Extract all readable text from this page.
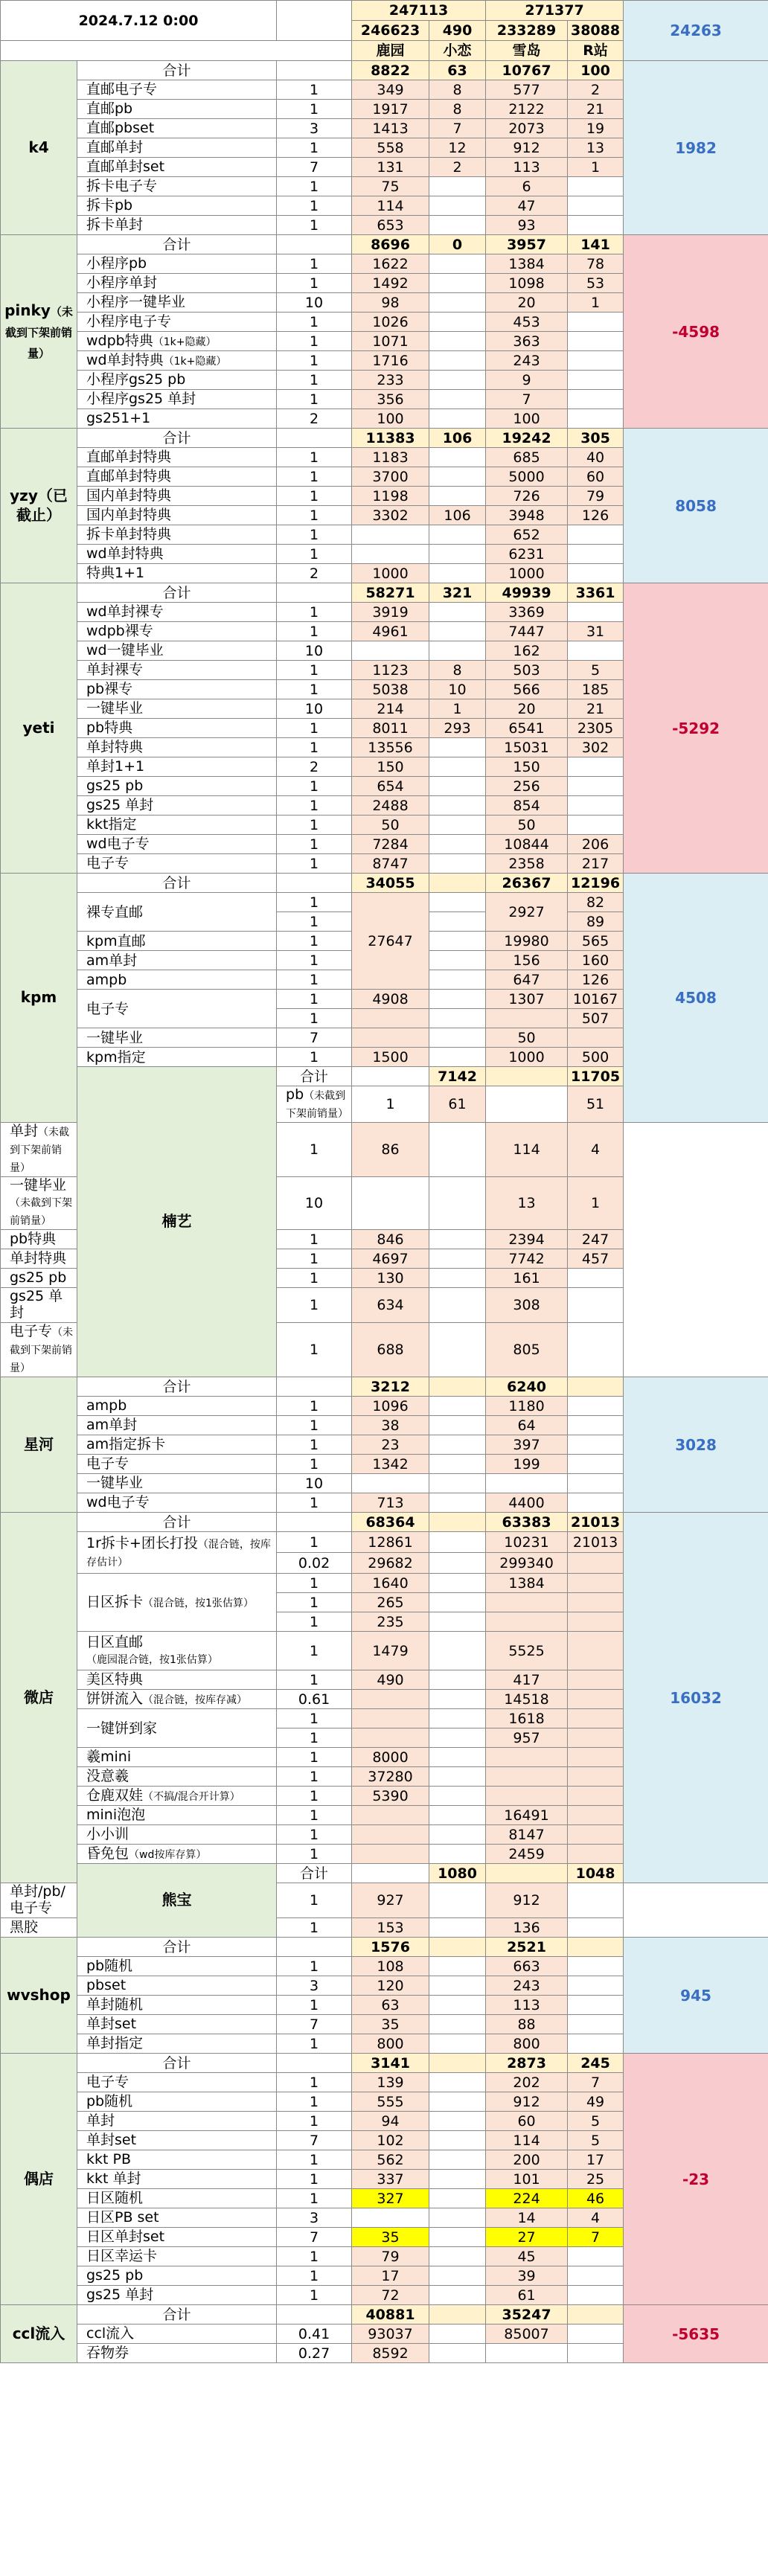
2024.7.12 0:00			247113		271377		24263	
			246623	490	233289	38088		
			鹿园	小恋	雪岛	R站		
k4	合计		8822	63	10767	100	1982	
	直邮电子专	1	349	8	577	2		
	直邮pb	1	1917	8	2122	21		
	直邮pbset	3	1413	7	2073	19		
	直邮单封	1	558	12	912	13		
	直邮单封set	7	131	2	113	1		
	拆卡电子专	1	75		6			
	拆卡pb	1	114		47			
	拆卡单封	1	653		93			
pinky（未截到下架前销量）	合计		8696	0	3957	141	-4598	
	小程序pb	1	1622		1384	78		
	小程序单封	1	1492		1098	53		
	小程序一键毕业	10	98		20	1		
	小程序电子专	1	1026		453			
	wdpb特典（1k+隐藏）	1	1071		363			
	wd单封特典（1k+隐藏）	1	1716		243			
	小程序gs25 pb	1	233		9			
	小程序gs25 单封	1	356		7			
	gs251+1	2	100		100			
yzy（已截止）	合计		11383	106	19242	305	8058	
	直邮单封特典	1	1183		685	40		
	直邮单封特典	1	3700		5000	60		
	国内单封特典	1	1198		726	79		
	国内单封特典	1	3302	106	3948	126		
	拆卡单封特典	1			652			
	wd单封特典	1			6231			
	特典1+1	2	1000		1000			
yeti	合计		58271	321	49939	3361	-5292	
	wd单封裸专	1	3919		3369			
	wdpb裸专	1	4961		7447	31		
	wd一键毕业	10			162			
	单封裸专	1	1123	8	503	5		
	pb裸专	1	5038	10	566	185		
	一键毕业	10	214	1	20	21		
	pb特典	1	8011	293	6541	2305		
	单封特典	1	13556		15031	302		
	单封1+1	2	150		150			
	gs25 pb	1	654		256			
	gs25 单封	1	2488		854			
	kkt指定	1	50		50			
	wd电子专	1	7284		10844	206		
	电子专	1	8747		2358	217		
kpm	合计		34055		26367	12196	4508	
	裸专直邮	1	27647		2927	82		
		1				89		
	kpm直邮	1			19980	565		
	am单封	1			156	160		
	ampb	1			647	126		
	电子专	1	4908		1307	10167		
		1				507		
	一键毕业	7			50			
	kpm指定	1	1500		1000	500		
	楠艺	合计		7142		11705		
		pb（未截到下架前销量）	1	61		51	
单封（未截到下架前销量）		1	86		114	4		
一键毕业（未截到下架前销量）		10			13	1		
pb特典		1	846		2394	247		
单封特典		1	4697		7742	457		
gs25 pb		1	130		161			
gs25 单封		1	634		308			
电子专（未截到下架前销量）		1	688		805			
星河	合计		3212		6240		3028	
	ampb	1	1096		1180			
	am单封	1	38		64			
	am指定拆卡	1	23		397			
	电子专	1	1342		199			
	一键毕业	10						
	wd电子专	1	713		4400			
微店	合计		68364		63383	21013	16032	
	1r拆卡+团长打投（混合链，按库存估计）	1	12861		10231	21013		
		0.02	29682		299340			
	日区拆卡（混合链，按1张估算）	1	1640		1384			
		1	265					
		1	235					
	日区直邮（鹿园混合链，按1张估算）	1	1479		5525			
	美区特典	1	490		417			
	饼饼流入（混合链，按库存减）	0.61			14518			
	一键饼到家	1			1618			
		1			957			
	羲mini	1	8000					
	没意羲	1	37280					
	仓鹿双娃（不搞/混合开计算）	1	5390					
	mini泡泡	1			16491			
	小小训	1			8147			
	昏免包（wd按库存算）	1			2459			
	熊宝	合计		1080		1048		
单封/pb/电子专		1	927		912			
黑胶		1	153		136			
wvshop	合计		1576		2521		945	
	pb随机	1	108		663			
	pbset	3	120		243			
	单封随机	1	63		113			
	单封set	7	35		88			
	单封指定	1	800		800			
偶店	合计		3141		2873	245	-23	
	电子专	1	139		202	7		
	pb随机	1	555		912	49		
	单封	1	94		60	5		
	单封set	7	102		114	5		
	kkt PB	1	562		200	17		
	kkt 单封	1	337		101	25		
	日区随机	1	327		224	46		
	日区PB set	3			14	4		
	日区单封set	7	35		27	7		
	日区幸运卡	1	79		45			
	gs25 pb	1	17		39			
	gs25 单封	1	72		61			
ccl流入	合计		40881		35247		-5635	
	ccl流入	0.41	93037		85007			
	吞物券	0.27	8592					
